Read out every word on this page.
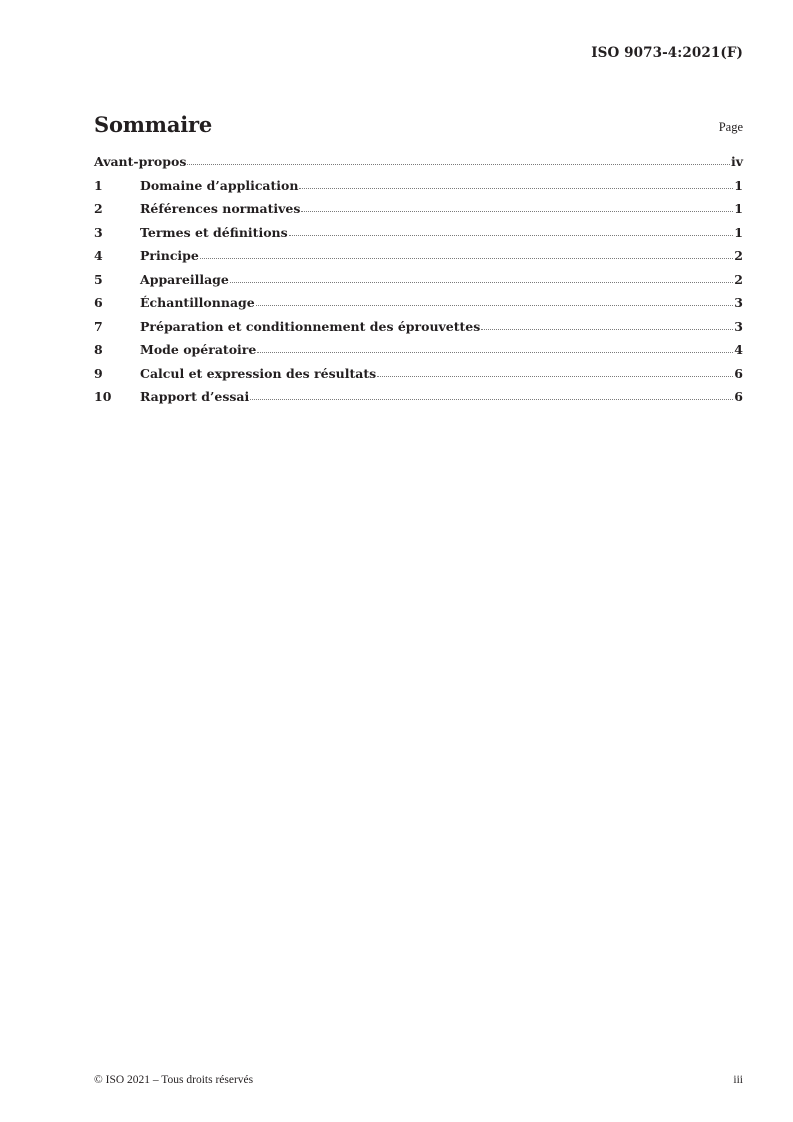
ISO 9073-4:2021(F)
Sommaire	Page
Avant-propos	iv
1	Domaine d’application	1
2	Références normatives	1
3	Termes et définitions	1
4	Principe	2
5	Appareillage	2
6	Échantillonnage	3
7	Préparation et conditionnement des éprouvettes	3
8	Mode opératoire	4
9	Calcul et expression des résultats	6
10	Rapport d’essai	6
© ISO 2021 – Tous droits réservés	iii
